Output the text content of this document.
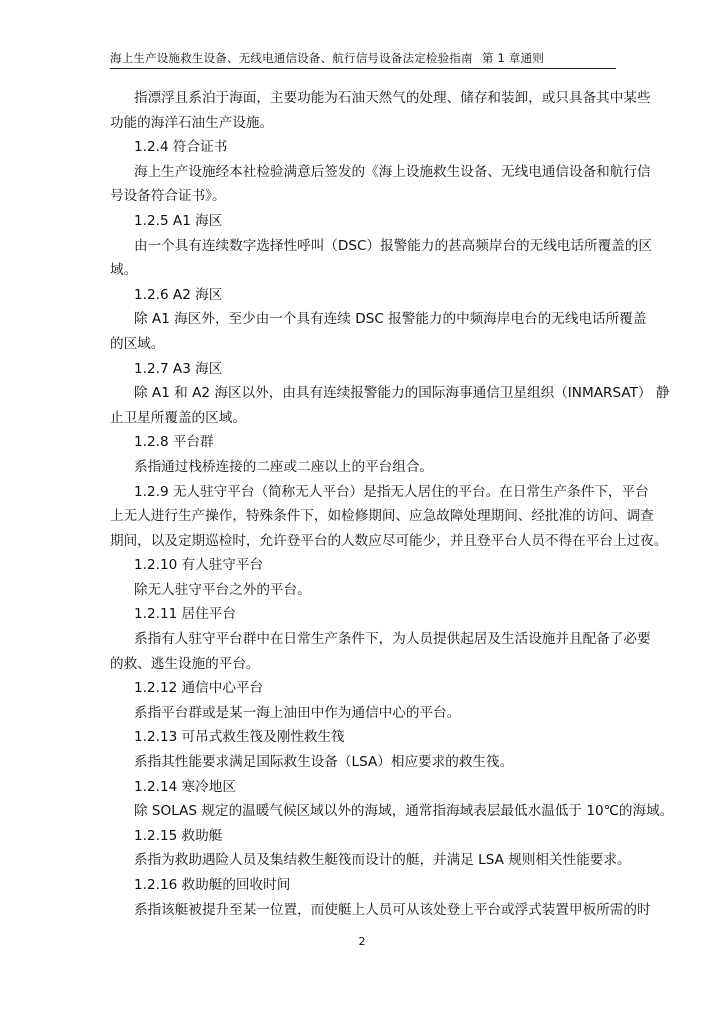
海上生产设施救生设备、无线电通信设备、航行信号设备法定检验指南 第 1 章通则
指漂浮且系泊于海面，主要功能为石油天然气的处理、储存和装卸，或只具备其中某些
功能的海洋石油生产设施。
1.2.4 符合证书
海上生产设施经本社检验满意后签发的《海上设施救生设备、无线电通信设备和航行信
号设备符合证书》。
1.2.5 A1 海区
由一个具有连续数字选择性呼叫（DSC）报警能力的甚高频岸台的无线电话所覆盖的区
域。
1.2.6 A2 海区
除 A1 海区外，至少由一个具有连续 DSC 报警能力的中频海岸电台的无线电话所覆盖
的区域。
1.2.7 A3 海区
除 A1 和 A2 海区以外，由具有连续报警能力的国际海事通信卫星组织（INMARSAT） 静
止卫星所覆盖的区域。
1.2.8 平台群
系指通过栈桥连接的二座或二座以上的平台组合。
1.2.9 无人驻守平台（简称无人平台）是指无人居住的平台。在日常生产条件下，平台
上无人进行生产操作，特殊条件下，如检修期间、应急故障处理期间、经批准的访问、调查
期间，以及定期巡检时，允许登平台的人数应尽可能少，并且登平台人员不得在平台上过夜。
1.2.10 有人驻守平台
除无人驻守平台之外的平台。
1.2.11 居住平台
系指有人驻守平台群中在日常生产条件下，为人员提供起居及生活设施并且配备了必要
的救、逃生设施的平台。
1.2.12 通信中心平台
系指平台群或是某一海上油田中作为通信中心的平台。
1.2.13 可吊式救生筏及刚性救生筏
系指其性能要求满足国际救生设备（LSA）相应要求的救生筏。
1.2.14 寒冷地区
除 SOLAS 规定的温暖气候区域以外的海域，通常指海域表层最低水温低于 10℃的海域。
1.2.15 救助艇
系指为救助遇险人员及集结救生艇筏而设计的艇，并满足 LSA 规则相关性能要求。
1.2.16 救助艇的回收时间
系指该艇被提升至某一位置，而使艇上人员可从该处登上平台或浮式装置甲板所需的时
2
